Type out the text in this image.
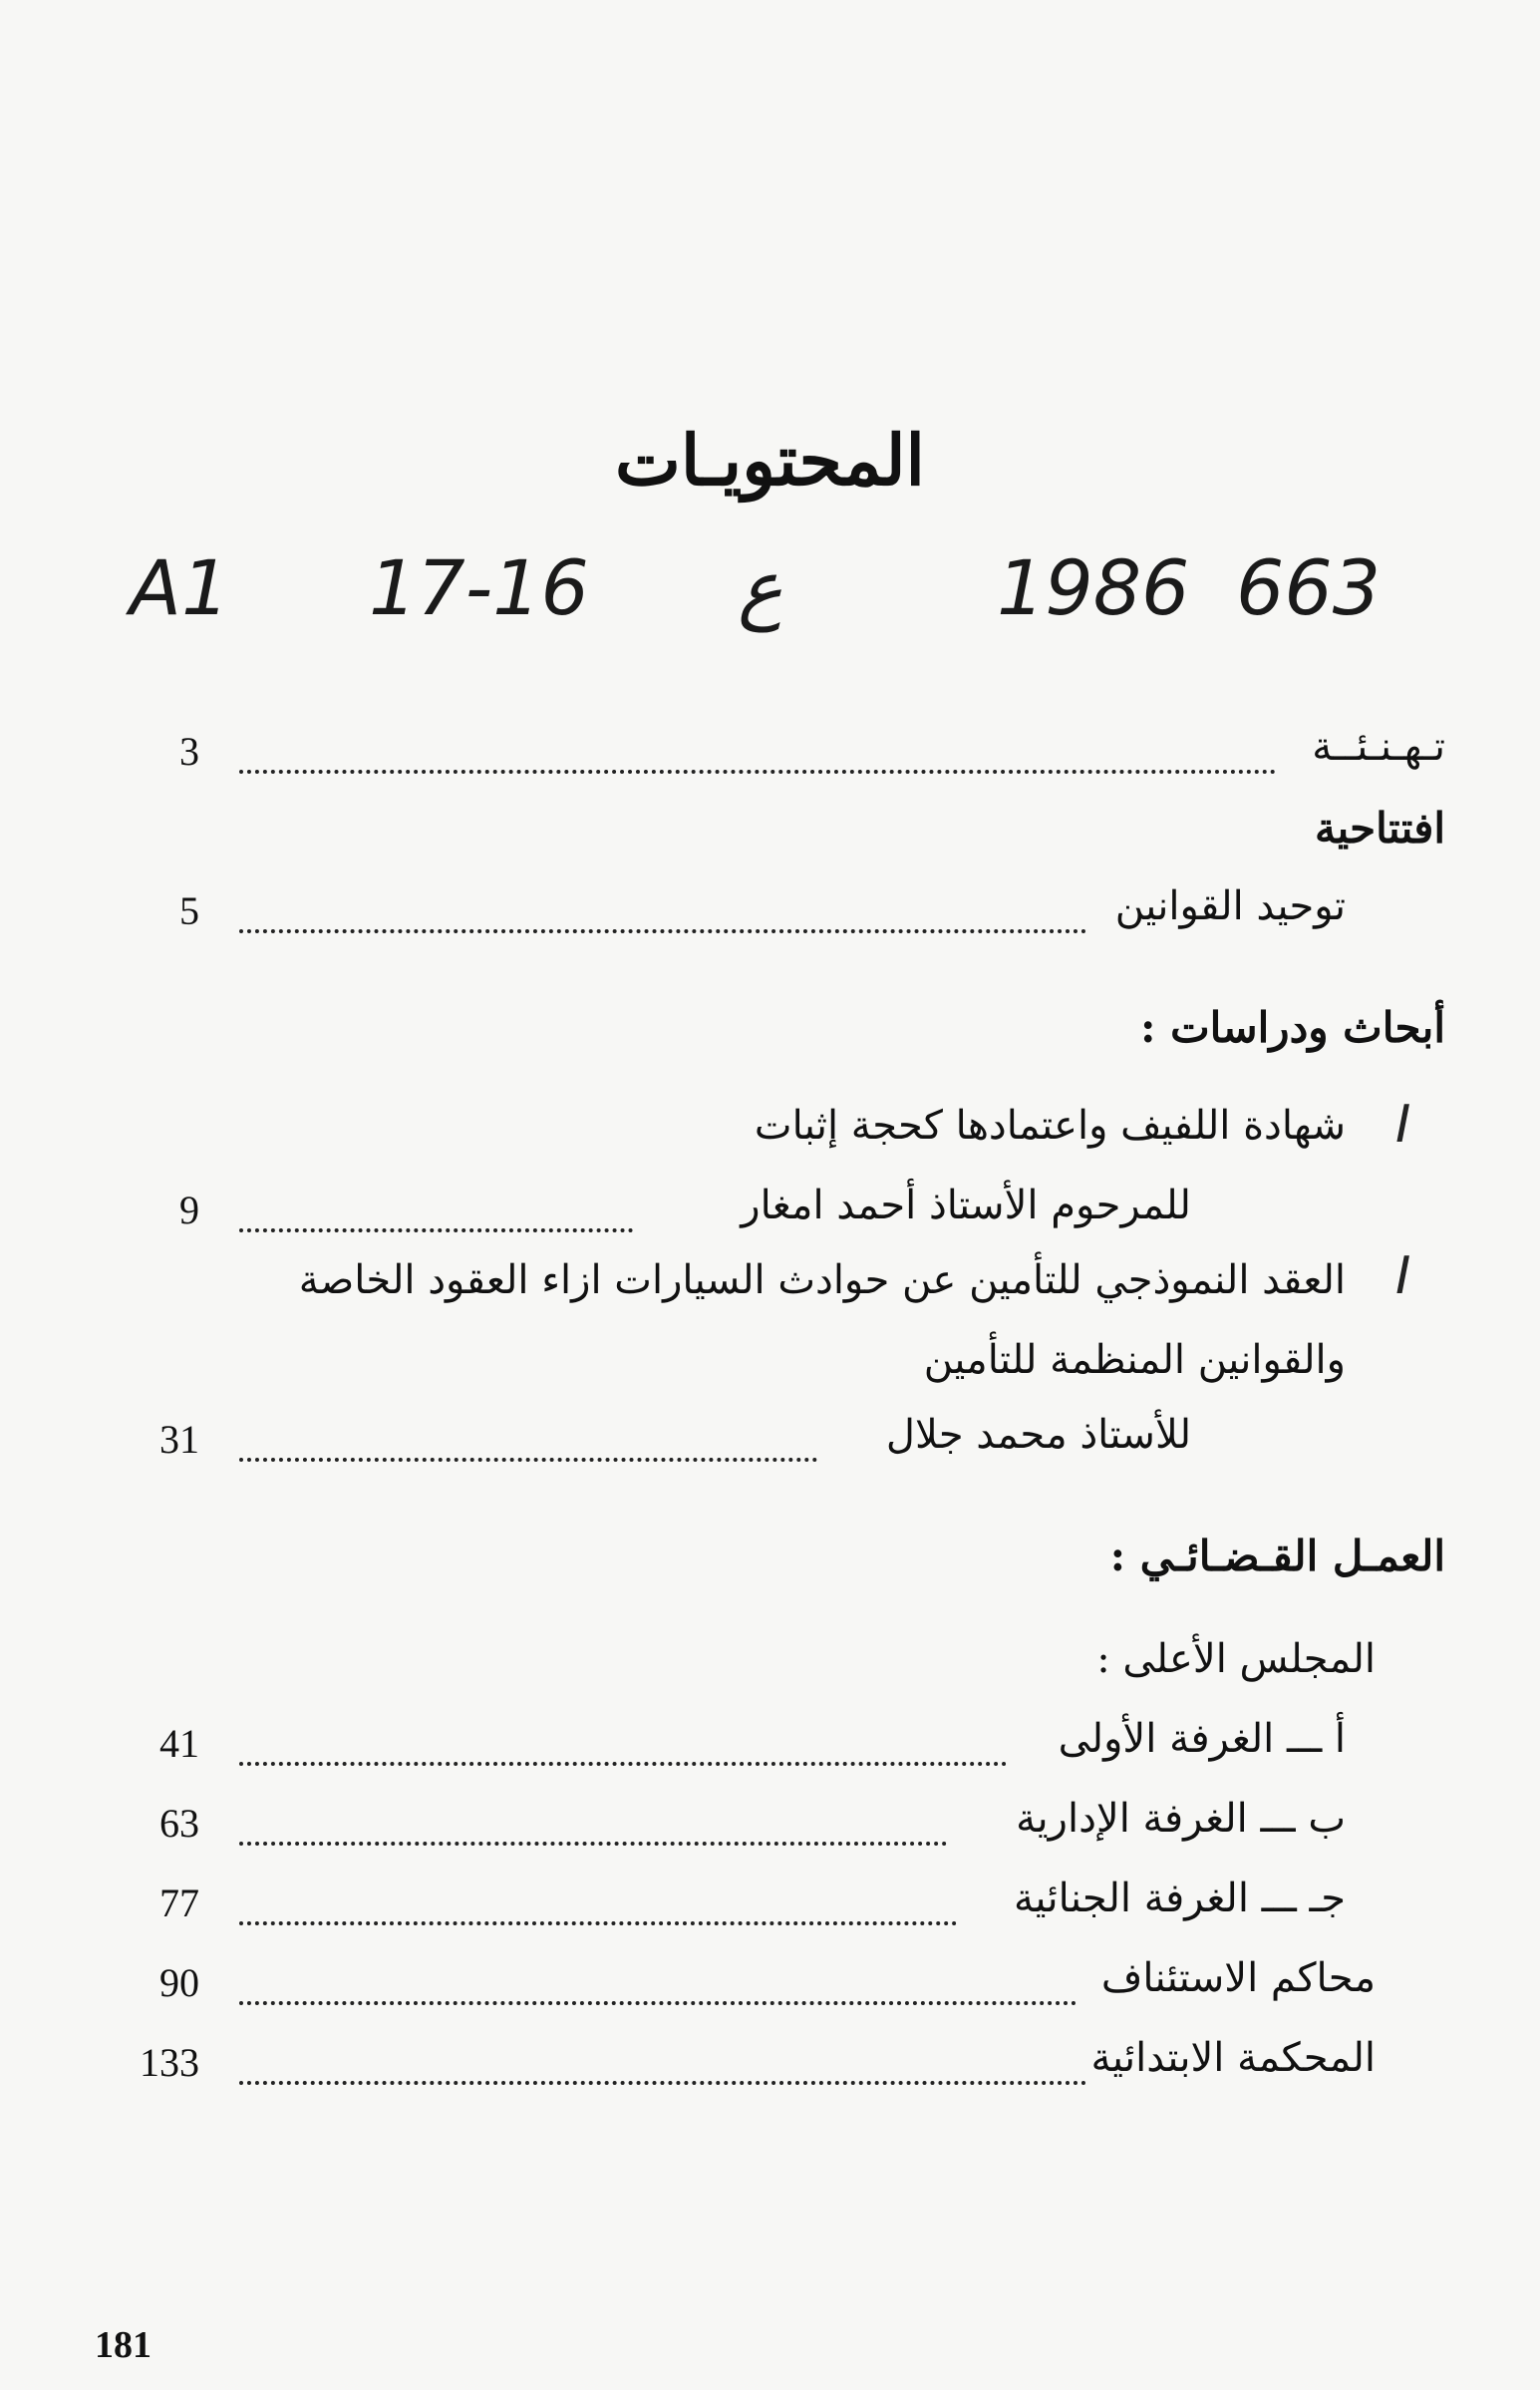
المحتويـات
A1 17-16 ع	1986 663
3	تـهـنـئــة
افتتاحية
5	توحيد القوانين
أبحاث ودراسات :
I
شهادة اللفيف واعتمادها كحجة إثبات
9	للمرحوم الأستاذ أحمد امغار
I
العقد النموذجي للتأمين عن حوادث السيارات ازاء العقود الخاصة
والقوانين المنظمة للتأمين
31	للأستاذ محمد جلال
العمـل القـضـائـي :
المجلس الأعلى :
41	أ ـــ الغرفة الأولى
63	ب ـــ الغرفة الإدارية
77	جـ ـــ الغرفة الجنائية
90	محاكم الاستئناف
133	المحكمة الابتدائية
181
